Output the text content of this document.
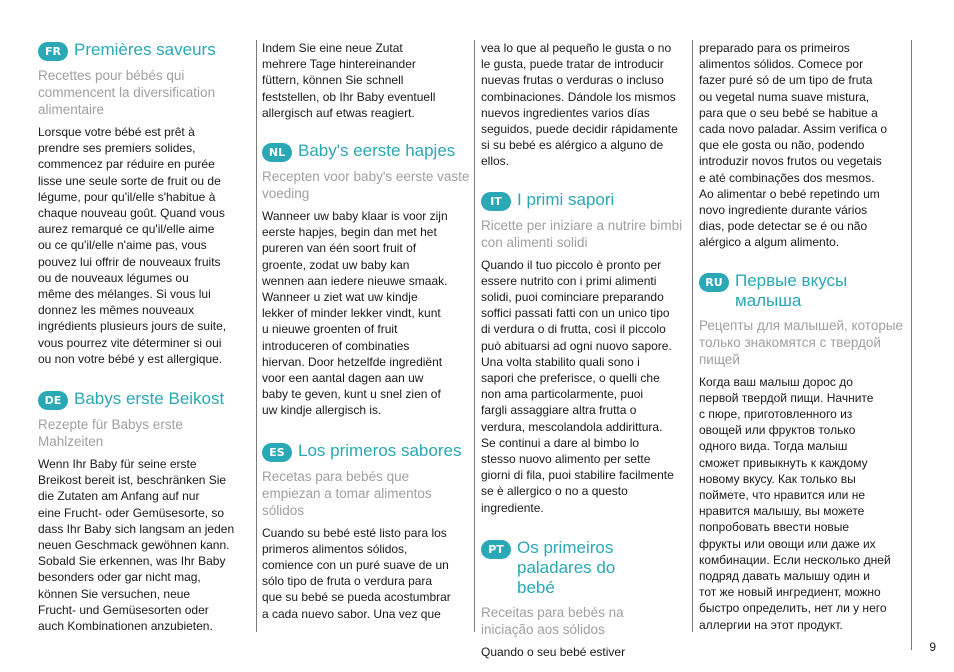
FR Premières saveurs
Recettes pour bébés qui commencent la diversification alimentaire
Lorsque votre bébé est prêt à
prendre ses premiers solides,
commencez par réduire en purée
lisse une seule sorte de fruit ou de
légume, pour qu'il/elle s'habitue à
chaque nouveau goût. Quand vous
aurez remarqué ce qu'il/elle aime
ou ce qu'il/elle n'aime pas, vous
pouvez lui offrir de nouveaux fruits
ou de nouveaux légumes ou
même des mélanges. Si vous lui
donnez les mêmes nouveaux
ingrédients plusieurs jours de suite,
vous pourrez vite déterminer si oui
ou non votre bébé y est allergique.
DE Babys erste Beikost
Rezepte für Babys erste Mahlzeiten
Wenn Ihr Baby für seine erste
Breikost bereit ist, beschränken Sie
die Zutaten am Anfang auf nur
eine Frucht- oder Gemüsesorte, so
dass Ihr Baby sich langsam an jeden
neuen Geschmack gewöhnen kann.
Sobald Sie erkennen, was Ihr Baby
besonders oder gar nicht mag,
können Sie versuchen, neue
Frucht- und Gemüsesorten oder
auch Kombinationen anzubieten.
Indem Sie eine neue Zutat
mehrere Tage hintereinander
füttern, können Sie schnell
feststellen, ob Ihr Baby eventuell
allergisch auf etwas reagiert.
NL Baby's eerste hapjes
Recepten voor baby's eerste vaste voeding
Wanneer uw baby klaar is voor zijn
eerste hapjes, begin dan met het
pureren van één soort fruit of
groente, zodat uw baby kan
wennen aan iedere nieuwe smaak.
Wanneer u ziet wat uw kindje
lekker of minder lekker vindt, kunt
u nieuwe groenten of fruit
introduceren of combinaties
hiervan. Door hetzelfde ingrediënt
voor een aantal dagen aan uw
baby te geven, kunt u snel zien of
uw kindje allergisch is.
ES Los primeros sabores
Recetas para bebés que empiezan a tomar alimentos sólidos
Cuando su bebé esté listo para los
primeros alimentos sólidos,
comience con un puré suave de un
sólo tipo de fruta o verdura para
que su bebé se pueda acostumbrar
a cada nuevo sabor. Una vez que
vea lo que al pequeño le gusta o no
le gusta, puede tratar de introducir
nuevas frutas o verduras o incluso
combinaciones. Dándole los mismos
nuevos ingredientes varios días
seguidos, puede decidir rápidamente
si su bebé es alérgico a alguno de ellos.
IT I primi sapori
Ricette per iniziare a nutrire bimbi con alimenti solidi
Quando il tuo piccolo è pronto per
essere nutrito con i primi alimenti
solidi, puoi cominciare preparando
soffici passati fatti con un unico tipo
di verdura o di frutta, così il piccolo
può abituarsi ad ogni nuovo sapore.
Una volta stabilito quali sono i
sapori che preferisce, o quelli che
non ama particolarmente, puoi
fargli assaggiare altra frutta o
verdura, mescolandola addirittura.
Se continui a dare al bimbo lo
stesso nuovo alimento per sette
giorni di fila, puoi stabilire facilmente
se è allergico o no a questo
ingrediente.
PT Os primeiros paladares do bebé
Receitas para bebés na iniciação aos sólidos
Quando o seu bebé estiver
preparado para os primeiros
alimentos sólidos. Comece por
fazer puré só de um tipo de fruta
ou vegetal numa suave mistura,
para que o seu bebé se habitue a
cada novo paladar. Assim verifica o
que ele gosta ou não, podendo
introduzir novos frutos ou vegetais
e até combinações dos mesmos.
Ao alimentar o bebé repetindo um
novo ingrediente durante vários
dias, pode detectar se é ou não
alérgico a algum alimento.
RU Первые вкусы малыша
Рецепты для малышей, которые только знакомятся с твердой пищей
Когда ваш малыш дорос до
первой твердой пищи. Начните
с пюре, приготовленного из
овощей или фруктов только
одного вида. Тогда малыш
сможет привыкнуть к каждому
новому вкусу. Как только вы
поймете, что нравится или не
нравится малышу, вы можете
попробовать ввести новые
фрукты или овощи или даже их
комбинации. Если несколько дней
подряд давать малышу один и
тот же новый ингредиент, можно
быстро определить, нет ли у него
аллергии на этот продукт.
9
